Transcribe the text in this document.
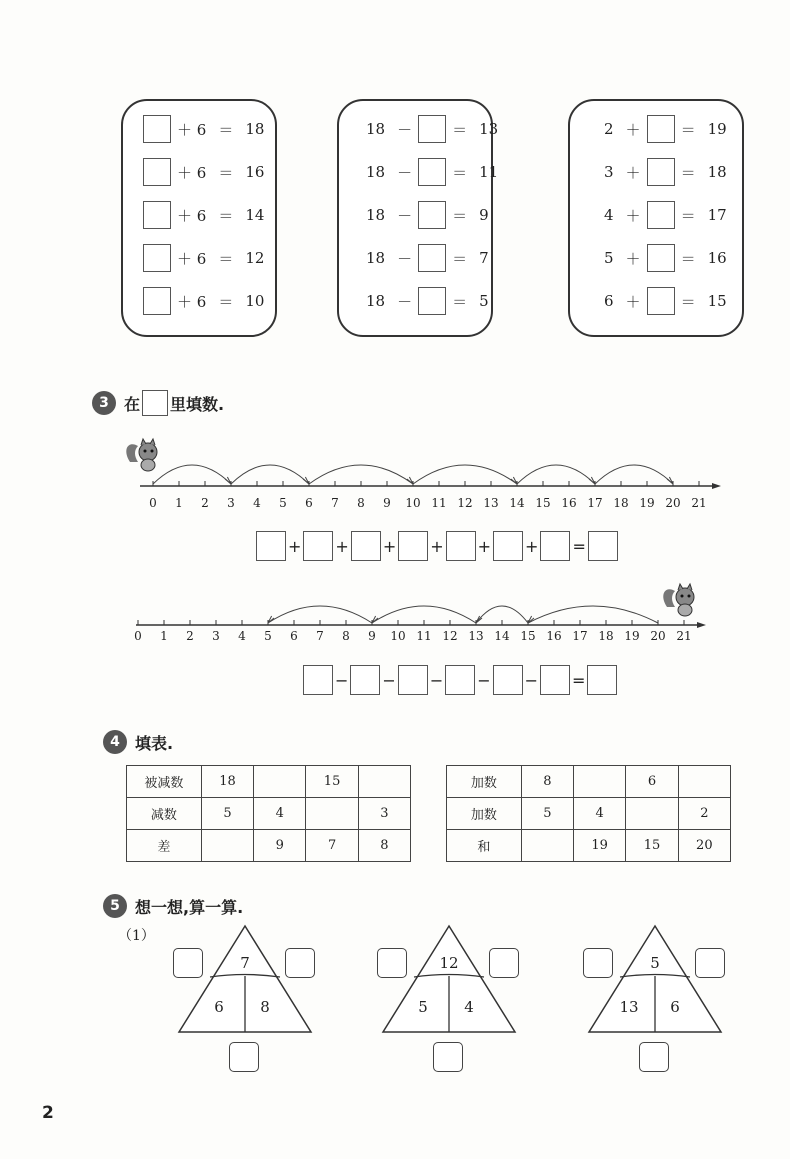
＋ 6 ＝ 18
＋ 6 ＝ 16
＋ 6 ＝ 14
＋ 6 ＝ 12
＋ 6 ＝ 10
18 －	＝ 13
18 －	＝ 11
18 －	＝ 9
18 －	＝ 7
18 －	＝ 5
2 ＋	＝ 19
3 ＋	＝ 18
4 ＋	＝ 17
5 ＋	＝ 16
6 ＋	＝ 15
3 在 里填数.
0 1 2 3 4 5 6 7 8 9 10 11 12 13 14 15 16 17 18 19 20 21
+ + + + + + =
0 1 2 3 4 5 6 7 8 9 10 11 12 13 14 15 16 17 18 19 20 21
− − − − − =
4 填表.
被减数	18		15	
减数	5	4		3
差		9	7	8
加数	8		6	
加数	5	4		2
和		19	15	20
5 想一想,算一算.
（1）
7
6	8
12
5	4
5
13	6
2
